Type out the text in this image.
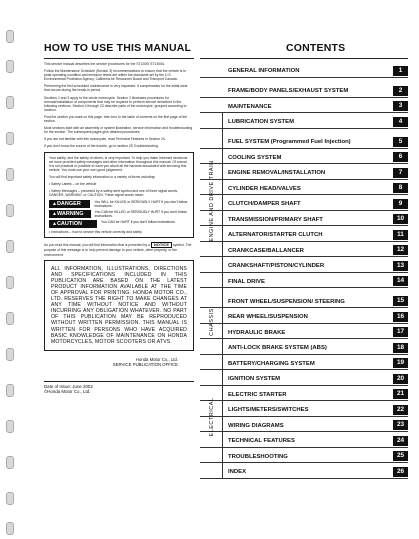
HOW TO USE THIS MANUAL

This service manual describes the service procedures for the ST1300/ ST1300A.

Follow the Maintenance Schedule (Section 3) recommendations to ensure that the vehicle is in peak operating condition and emission levels are within the standards set by the U.S. Environmental Protection Agency, California Air Resources Board and Transport Canada.

Performing the first scheduled maintenance is very important. It compensates for the initial wear that occurs during the break-in period.

Sections 1 and 3 apply to the whole motorcycle. Section 2 illustrates procedures for removal/installation of components that may be required to perform service described in the following sections. Section 4 through 23 describe parts of the motorcycle, grouped according to location.

Find the section you want on this page, then turn to the table of contents on the first page of the section.

Most sections start with an assembly or system illustration, service information and troubleshooting for the section. The subsequent pages give detailed procedures.

If you are not familiar with this motorcycle, read Technical Features in Section 24.

If you don't know the source of the trouble, go to section 25 Troubleshooting.

Your safety, and the safety of others, is very important. To help you make informed decisions we have provided safety messages and other information throughout this manual. Of course, it is not practical or possible to warn you about all the hazards associated with servicing this vehicle. You must use your own good judgement.

You will find important safety information in a variety of forms including:

• Safety Labels – on the vehicle

• Safety Messages – preceded by a safety alert symbol and one of three signal words, DANGER, WARNING, or CAUTION. These signal words mean:

▲DANGER	You WILL be KILLED or SERIOUSLY HURT if you don't follow instructions.
▲WARNING	You CAN be KILLED or SERIOUSLY HURT if you don't follow instructions.
▲CAUTION	You CAN be HURT if you don't follow instructions.

• Instructions – how to service this vehicle correctly and safely.

As you read this manual, you will find information that is preceded by a NOTICE symbol. The purpose of this message is to help prevent damage to your vehicle, other property, or the environment.

ALL INFORMATION, ILLUSTRATIONS, DIRECTIONS AND SPECIFICATIONS INCLUDED IN THIS PUBLICATION ARE BASED ON THE LATEST PRODUCT INFORMATION AVAILABLE AT THE TIME OF APPROVAL FOR PRINTING. HONDA MOTOR CO., LTD. RESERVES THE RIGHT TO MAKE CHANGES AT ANY TIME WITHOUT NOTICE AND WITHOUT INCURRING ANY OBLIGATION WHATEVER. NO PART OF THIS PUBLICATION MAY BE REPRODUCED WITHOUT WRITTEN PERMISSION. THIS MANUAL IS WRITTEN FOR PERSONS WHO HAVE ACQUIRED BASIC KNOWLEDGE OF MAINTENANCE ON HONDA MOTORCYCLES, MOTOR SCOOTERS OR ATVS.
Honda Motor Co., Ltd.
SERVICE PUBLICATION OFFICE
Date of Issue: June 2002
©Honda Motor Co., Ltd.
CONTENTS
GENERAL INFORMATION	1
FRAME/BODY PANELS/EXHAUST SYSTEM	2
MAINTENANCE	3
LUBRICATION SYSTEM	4
FUEL SYSTEM (Programmed Fuel Injection)	5
COOLING SYSTEM	6
ENGINE REMOVAL/INSTALLATION	7
CYLINDER HEAD/VALVES	8
CLUTCH/DAMPER SHAFT	9
TRANSMISSION/PRIMARY SHAFT	10
ALTERNATOR/STARTER CLUTCH	11
CRANKCASE/BALLANCER	12
CRANKSHAFT/PISTON/CYLINDER	13
FINAL DRIVE	14
FRONT WHEEL/SUSPENSION/ STEERING	15
REAR WHEEL/SUSPENSION	16
HYDRAULIC BRAKE	17
ANTI-LOCK BRAKE SYSTEM (ABS)	18
BATTERY/CHARGING SYSTEM	19
IGNITION SYSTEM	20
ELECTRIC STARTER	21
LIGHTS/METERS/SWITCHES	22
WIRING DIAGRAMS	23
TECHNICAL FEATURES	24
TROUBLESHOOTING	25
INDEX	26
ENGINE AND DRIVE TRAIN
CHASSIS
ELECTRICAL
